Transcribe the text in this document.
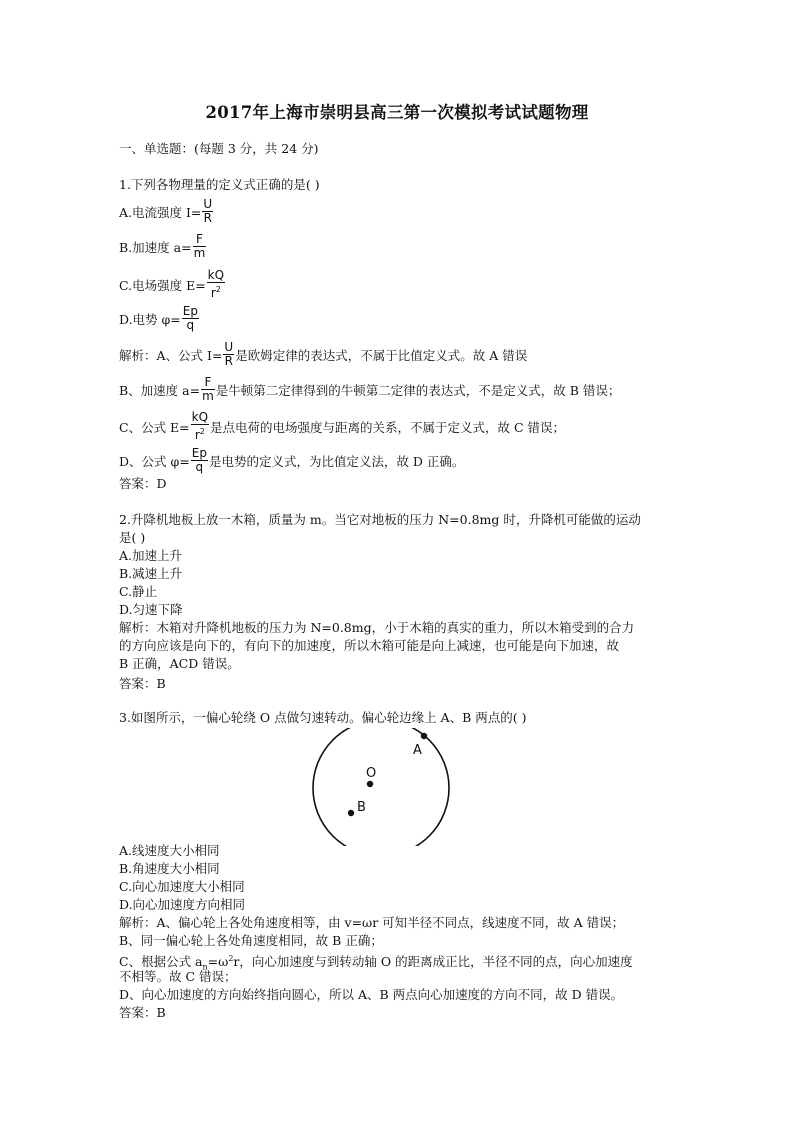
2017年上海市崇明县高三第一次模拟考试试题物理
一、单选题：(每题 3 分，共 24 分)
1.下列各物理量的定义式正确的是( )
A.电流强度 $I= \frac{U}{R}$
B.加速度 $a= \frac{F}{m}$
C.电场强度 $E= \frac{kQ}{r^2}$
D.电势 $\varphi= \frac{Ep}{q}$
解析：A、公式 $I= \frac{U}{R}$ 是欧姆定律的表达式，不属于比值定义式。故 A 错误
B、加速度 $a= \frac{F}{m}$ 是牛顿第二定律得到的牛顿第二定律的表达式，不是定义式，故 B 错误；
C、公式 $E= \frac{kQ}{r^2}$ 是点电荷的电场强度与距离的关系，不属于定义式，故 C 错误；
D、公式 $\varphi= \frac{Ep}{q}$ 是电势的定义式，为比值定义法，故 D 正确。
答案：D
2.升降机地板上放一木箱，质量为 m。当它对地板的压力 N=0.8mg 时，升降机可能做的运动
是( )
A.加速上升
B.减速上升
C.静止
D.匀速下降
解析：木箱对升降机地板的压力为 N=0.8mg，小于木箱的真实的重力，所以木箱受到的合力
的方向应该是向下的，有向下的加速度，所以木箱可能是向上减速，也可能是向下加速，故
B 正确，ACD 错误。
答案：B
3.如图所示，一偏心轮绕 O 点做匀速转动。偏心轮边缘上 A、B 两点的( )
A
O
B
A.线速度大小相同
B.角速度大小相同
C.向心加速度大小相同
D.向心加速度方向相同
解析：A、偏心轮上各处角速度相等，由 v=ωr 可知半径不同点，线速度不同，故 A 错误；
B、同一偏心轮上各处角速度相同，故 B 正确；
C、根据公式 $a_n=\omega^2r$，向心加速度与到转动轴 O 的距离成正比，半径不同的点，向心加速度
不相等。故 C 错误；
D、向心加速度的方向始终指向圆心，所以 A、B 两点向心加速度的方向不同，故 D 错误。
答案：B
